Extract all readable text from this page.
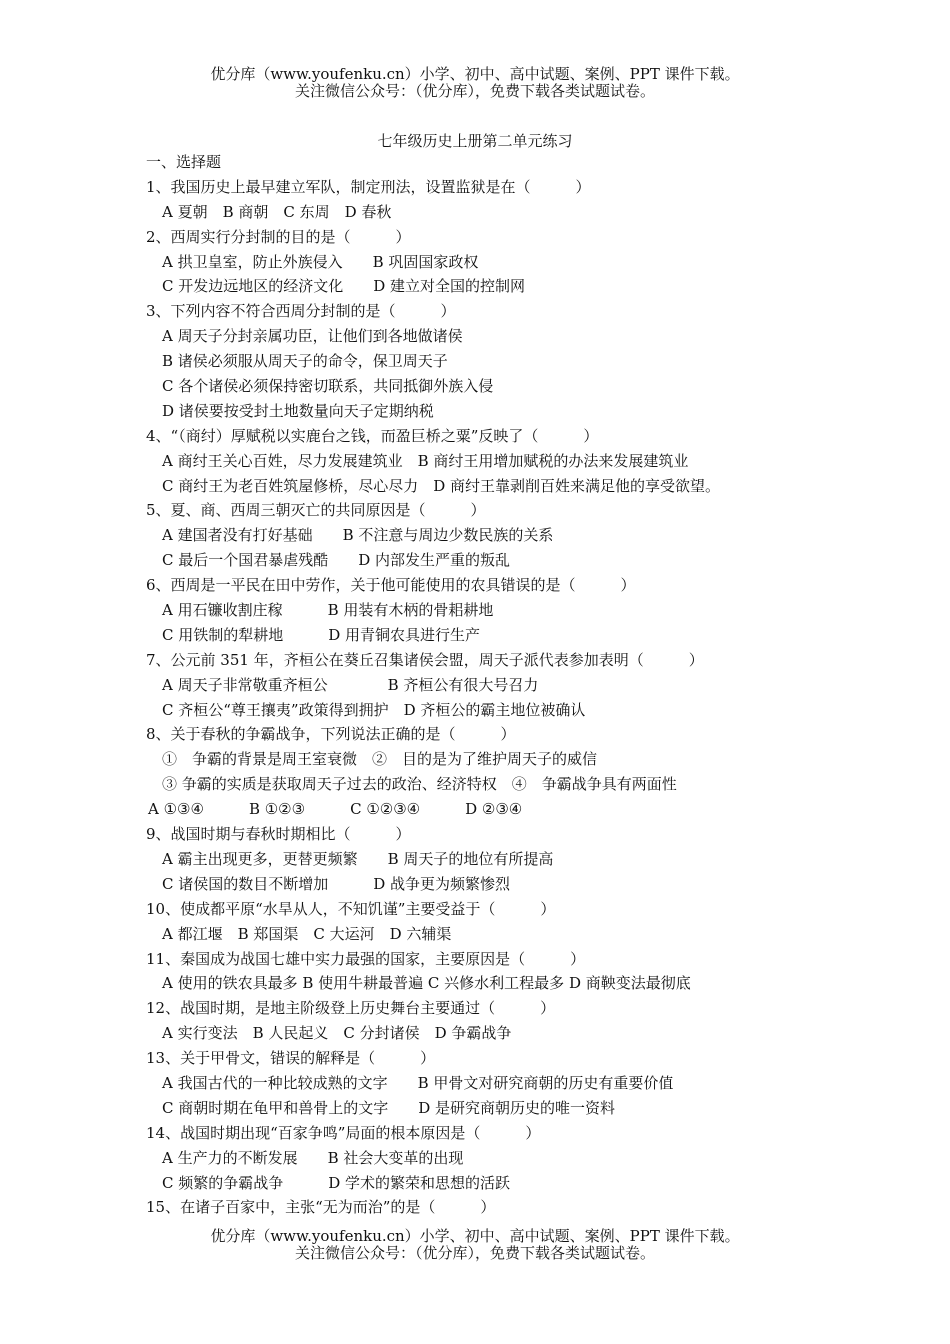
优分库（www.youfenku.cn）小学、初中、高中试题、案例、PPT 课件下载。
关注微信公众号：（优分库），免费下载各类试题试卷。
七年级历史上册第二单元练习
一、选择题
1、我国历史上最早建立军队，制定刑法，设置监狱是在（　　　）
A 夏朝　B 商朝　C 东周　D 春秋
2、西周实行分封制的目的是（　　　）
A 拱卫皇室，防止外族侵入　　B 巩固国家政权
C 开发边远地区的经济文化　　D 建立对全国的控制网
3、下列内容不符合西周分封制的是（　　　）
A 周天子分封亲属功臣，让他们到各地做诸侯
B 诸侯必须服从周天子的命令，保卫周天子
C 各个诸侯必须保持密切联系，共同抵御外族入侵
D 诸侯要按受封土地数量向天子定期纳税
4、“（商纣）厚赋税以实鹿台之钱，而盈巨桥之粟”反映了（　　　）
A 商纣王关心百姓，尽力发展建筑业　B 商纣王用增加赋税的办法来发展建筑业
C 商纣王为老百姓筑屋修桥，尽心尽力　D 商纣王靠剥削百姓来满足他的享受欲望。
5、夏、商、西周三朝灭亡的共同原因是（　　　）
A 建国者没有打好基础　　B 不注意与周边少数民族的关系
C 最后一个国君暴虐残酷　　D 内部发生严重的叛乱
6、西周是一平民在田中劳作，关于他可能使用的农具错误的是（　　　）
A 用石镰收割庄稼　　　B 用装有木柄的骨耜耕地
C 用铁制的犁耕地　　　D 用青铜农具进行生产
7、公元前 351 年，齐桓公在葵丘召集诸侯会盟，周天子派代表参加表明（　　　）
A 周天子非常敬重齐桓公　　　　B 齐桓公有很大号召力
C 齐桓公“尊王攘夷”政策得到拥护　D 齐桓公的霸主地位被确认
8、关于春秋的争霸战争，下列说法正确的是（　　　）
①　争霸的背景是周王室衰微　②　目的是为了维护周天子的威信
③ 争霸的实质是获取周天子过去的政治、经济特权　④　争霸战争具有两面性
A ①③④　　　B ①②③　　　C ①②③④　　　D ②③④
9、战国时期与春秋时期相比（　　　）
A 霸主出现更多，更替更频繁　　B 周天子的地位有所提高
C 诸侯国的数目不断增加　　　D 战争更为频繁惨烈
10、使成都平原“水旱从人，不知饥谨”主要受益于（　　　）
A 都江堰　B 郑国渠　C 大运河　D 六辅渠
11、秦国成为战国七雄中实力最强的国家，主要原因是（　　　）
A 使用的铁农具最多 B 使用牛耕最普遍 C 兴修水利工程最多 D 商鞅变法最彻底
12、战国时期，是地主阶级登上历史舞台主要通过（　　　）
A 实行变法　B 人民起义　C 分封诸侯　D 争霸战争
13、关于甲骨文，错误的解释是（　　　）
A 我国古代的一种比较成熟的文字　　B 甲骨文对研究商朝的历史有重要价值
C 商朝时期在龟甲和兽骨上的文字　　D 是研究商朝历史的唯一资料
14、战国时期出现“百家争鸣”局面的根本原因是（　　　）
A 生产力的不断发展　　B 社会大变革的出现
C 频繁的争霸战争　　　D 学术的繁荣和思想的活跃
15、在诸子百家中，主张“无为而治”的是（　　　）
优分库（www.youfenku.cn）小学、初中、高中试题、案例、PPT 课件下载。
关注微信公众号：（优分库），免费下载各类试题试卷。
